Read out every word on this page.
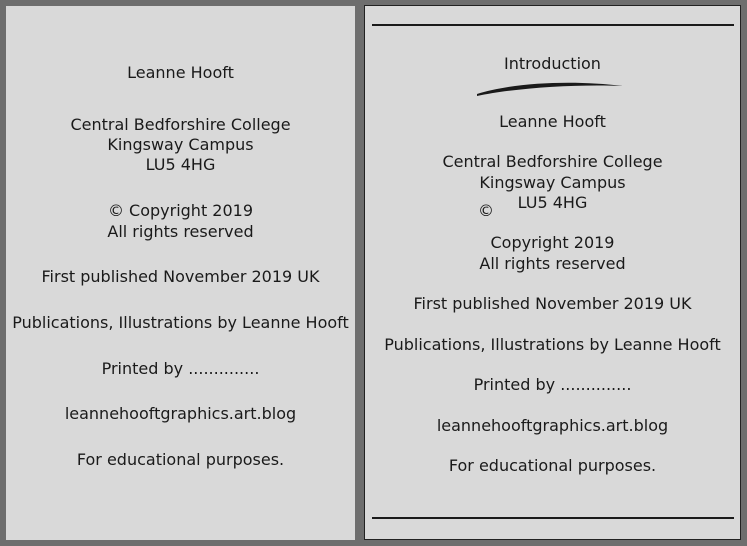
Leanne Hooft
Central Bedforshire College
Kingsway Campus
LU5 4HG
© Copyright 2019
All rights reserved
First published November 2019 UK
Publications, Illustrations by Leanne Hooft
Printed by ..............
leannehooftgraphics.art.blog
For educational purposes.
Introduction
Leanne Hooft
Central Bedforshire College
Kingsway Campus
©	LU5 4HG
Copyright 2019
All rights reserved
First published November 2019 UK
Publications, Illustrations by Leanne Hooft
Printed by ..............
leannehooftgraphics.art.blog
For educational purposes.
